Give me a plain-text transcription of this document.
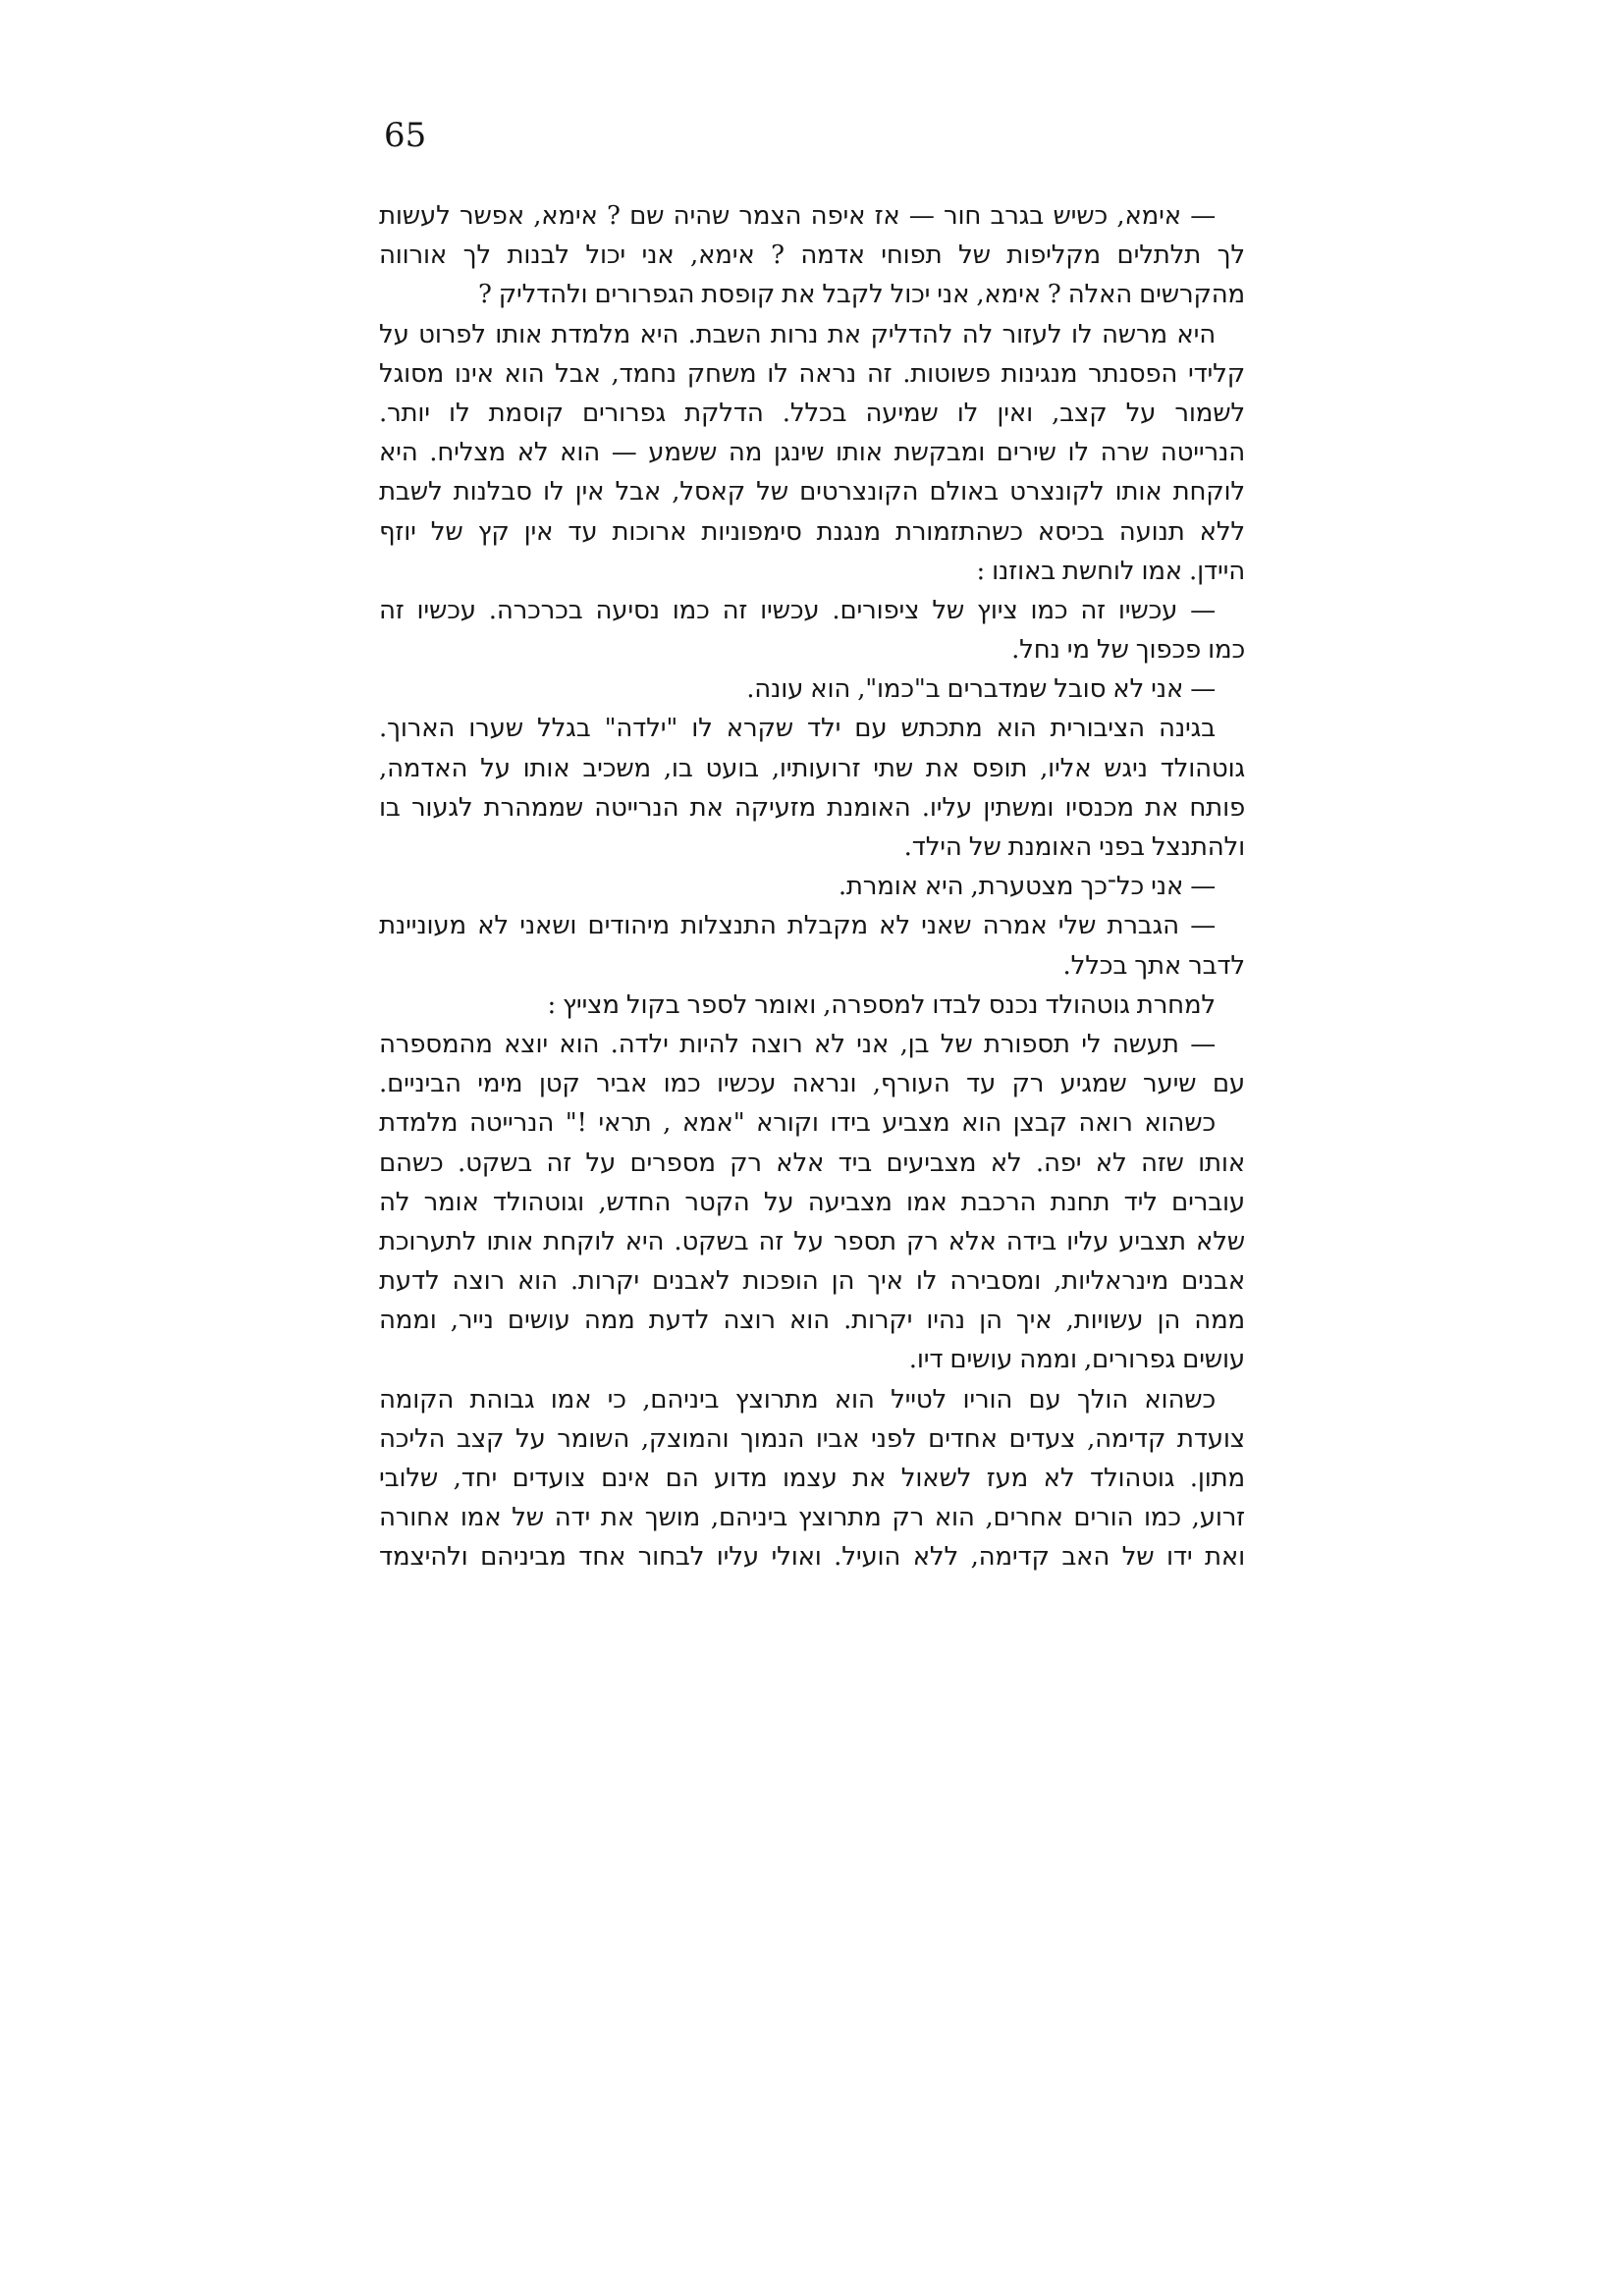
65
— אימא, כשיש בגרב חור — אז איפה הצמר שהיה שם ? אימא, אפשר לעשות
לך תלתלים מקליפות של תפוחי אדמה ? אימא, אני יכול לבנות לך אורווה
מהקרשים האלה ? אימא, אני יכול לקבל את קופסת הגפרורים ולהדליק ?
היא מרשה לו לעזור לה להדליק את נרות השבת. היא מלמדת אותו לפרוט על
קלידי הפסנתר מנגינות פשוטות. זה נראה לו משחק נחמד, אבל הוא אינו מסוגל
לשמור על קצב, ואין לו שמיעה בכלל. הדלקת גפרורים קוסמת לו יותר.
הנרייטה שרה לו שירים ומבקשת אותו שינגן מה ששמע — הוא לא מצליח. היא
לוקחת אותו לקונצרט באולם הקונצרטים של קאסל, אבל אין לו סבלנות לשבת
ללא תנועה בכיסא כשהתזמורת מנגנת סימפוניות ארוכות עד אין קץ של יוזף
היידן. אמו לוחשת באוזנו :
— עכשיו זה כמו ציוץ של ציפורים. עכשיו זה כמו נסיעה בכרכרה. עכשיו זה
כמו פכפוך של מי נחל.
— אני לא סובל שמדברים ב"כמו", הוא עונה.
בגינה הציבורית הוא מתכתש עם ילד שקרא לו "ילדה" בגלל שערו הארוך.
גוטהולד ניגש אליו, תופס את שתי זרועותיו, בועט בו, משכיב אותו על האדמה,
פותח את מכנסיו ומשתין עליו. האומנת מזעיקה את הנרייטה שממהרת לגעור בו
ולהתנצל בפני האומנת של הילד.
— אני כל־כך מצטערת, היא אומרת.
— הגברת שלי אמרה שאני לא מקבלת התנצלות מיהודים ושאני לא מעוניינת
לדבר אתך בכלל.
למחרת גוטהולד נכנס לבדו למספרה, ואומר לספר בקול מצייץ :
— תעשה לי תספורת של בן, אני לא רוצה להיות ילדה. הוא יוצא מהמספרה
עם שיער שמגיע רק עד העורף, ונראה עכשיו כמו אביר קטן מימי הביניים.
כשהוא רואה קבצן הוא מצביע בידו וקורא "אמא , תראי !" הנרייטה מלמדת
אותו שזה לא יפה. לא מצביעים ביד אלא רק מספרים על זה בשקט. כשהם
עוברים ליד תחנת הרכבת אמו מצביעה על הקטר החדש, וגוטהולד אומר לה
שלא תצביע עליו בידה אלא רק תספר על זה בשקט. היא לוקחת אותו לתערוכת
אבנים מינראליות, ומסבירה לו איך הן הופכות לאבנים יקרות. הוא רוצה לדעת
ממה הן עשויות, איך הן נהיו יקרות. הוא רוצה לדעת ממה עושים נייר, וממה
עושים גפרורים, וממה עושים דיו.
כשהוא הולך עם הוריו לטייל הוא מתרוצץ ביניהם, כי אמו גבוהת הקומה
צועדת קדימה, צעדים אחדים לפני אביו הנמוך והמוצק, השומר על קצב הליכה
מתון. גוטהולד לא מעז לשאול את עצמו מדוע הם אינם צועדים יחד, שלובי
זרוע, כמו הורים אחרים, הוא רק מתרוצץ ביניהם, מושך את ידה של אמו אחורה
ואת ידו של האב קדימה, ללא הועיל. ואולי עליו לבחור אחד מביניהם ולהיצמד
